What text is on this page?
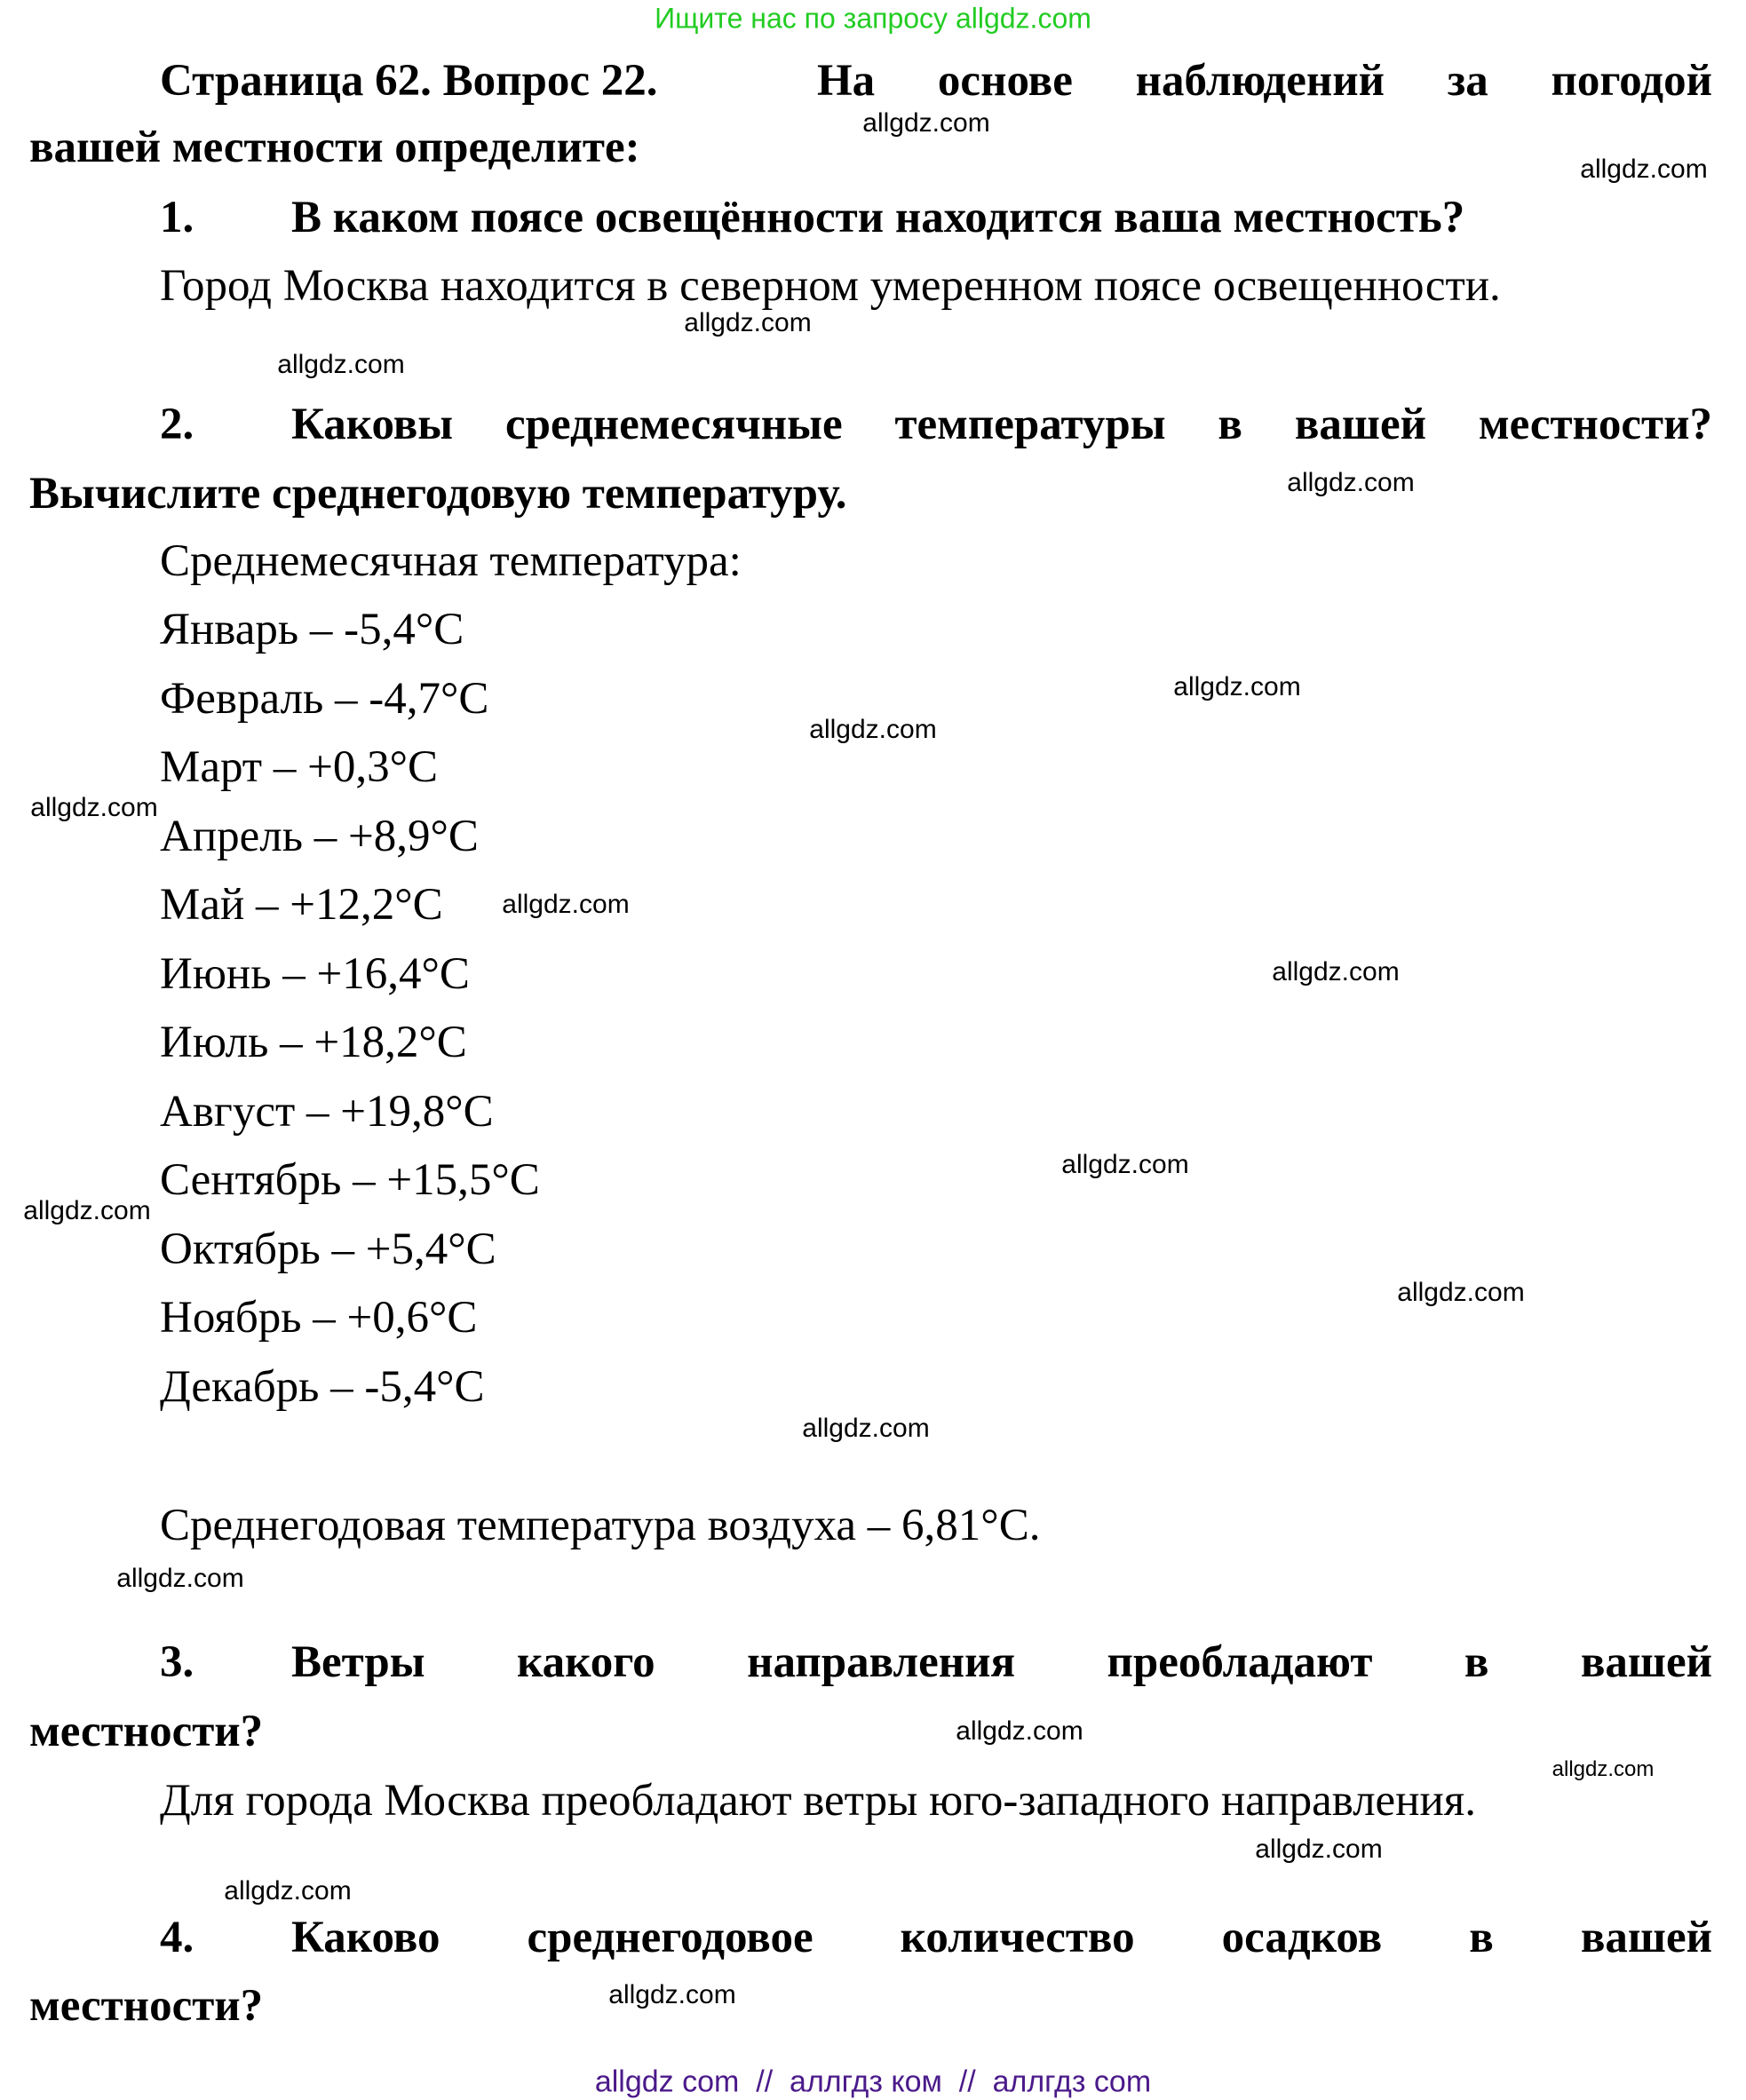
Ищите нас по запросу allgdz.com
Страница 62. Вопрос 22.	На основе наблюдений за погодой
вашей местности определите:
1.	В каком поясе освещённости находится ваша местность?
Город Москва находится в северном умеренном поясе освещенности.
2.	Каковы среднемесячные температуры в вашей местности?
Вычислите среднегодовую температуру.
Среднемесячная температура:
Январь – -5,4°С
Февраль – -4,7°С
Март – +0,3°С
Апрель – +8,9°С
Май – +12,2°С
Июнь – +16,4°С
Июль – +18,2°С
Август – +19,8°С
Сентябрь – +15,5°С
Октябрь – +5,4°С
Ноябрь – +0,6°С
Декабрь – -5,4°С
Среднегодовая температура воздуха – 6,81°С.
3.	Ветры какого направления преобладают в вашей
местности?
Для города Москва преобладают ветры юго-западного направления.
4.	Каково среднегодовое количество осадков в вашей
местности?
allgdz.com
allgdz.com
allgdz.com
allgdz.com
allgdz.com
allgdz.com
allgdz.com
allgdz.com
allgdz.com
allgdz.com
allgdz.com
allgdz.com
allgdz.com
allgdz.com
allgdz.com
allgdz.com
allgdz.com
allgdz.com
allgdz.com
allgdz.com
allgdz com  //  аллгдз ком  //  аллгдз com
